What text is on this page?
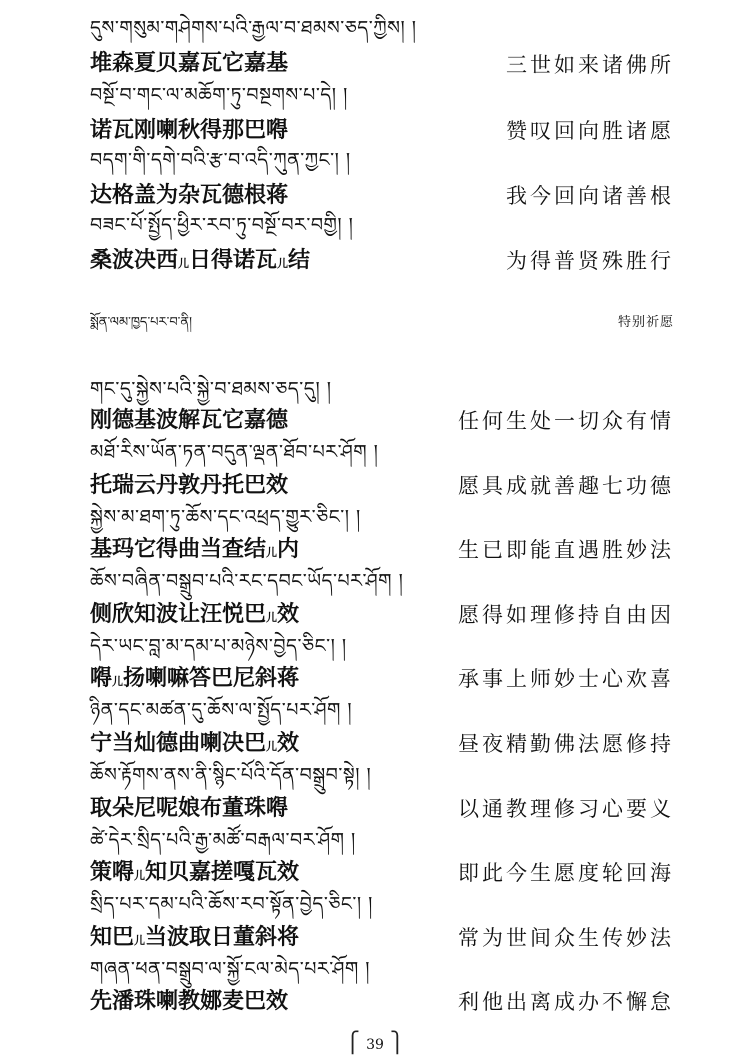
དུས་གསུམ་གཤེགས་པའི་རྒྱལ་བ་ཐམས་ཅད་ཀྱིས། །
堆森夏贝嘉瓦它嘉基	三世如来诸佛所
བསྔོ་བ་གང་ལ་མཆོག་ཏུ་བསྔགས་པ་དེ། །
诺瓦刚喇秋得那巴嘚	赞叹回向胜诸愿
བདག་གི་དགེ་བའི་རྩ་བ་འདི་ཀུན་ཀྱང་། །
达格盖为杂瓦德根蒋	我今回向诸善根
བཟང་པོ་སྤྱོད་ཕྱིར་རབ་ཏུ་བསྔོ་བར་བགྱི། །
桑波决西儿日得诺瓦儿结	为得普贤殊胜行
སྨོན་ལམ་ཁྱད་པར་བ་ནི།	特别祈愿
གང་དུ་སྐྱེས་པའི་སྐྱེ་བ་ཐམས་ཅད་དུ། །
刚德基波解瓦它嘉德	任何生处一切众有情
མཐོ་རིས་ཡོན་ཏན་བདུན་ལྡན་ཐོབ་པར་ཤོག །
托瑞云丹敦丹托巴效	愿具成就善趣七功德
སྐྱེས་མ་ཐག་ཏུ་ཆོས་དང་འཕྲད་གྱུར་ཅིང་། །
基玛它得曲当查结儿内	生已即能直遇胜妙法
ཆོས་བཞིན་བསྒྲུབ་པའི་རང་དབང་ཡོད་པར་ཤོག །
侧欣知波让汪悦巴儿效	愿得如理修持自由因
དེར་ཡང་བླ་མ་དམ་པ་མཉེས་བྱེད་ཅིང་། །
嘚儿扬喇嘛答巴尼斜蒋	承事上师妙士心欢喜
ཉིན་དང་མཚན་དུ་ཆོས་ལ་སྤྱོད་པར་ཤོག །
宁当灿德曲喇决巴儿效	昼夜精勤佛法愿修持
ཆོས་རྟོགས་ནས་ནི་སྙིང་པོའི་དོན་བསྒྲུབ་སྟེ། །
取朵尼呢娘布董珠嘚	以通教理修习心要义
ཚེ་དེར་སྲིད་པའི་རྒྱ་མཚོ་བརྒལ་བར་ཤོག །
策嘚儿知贝嘉搓嘎瓦效	即此今生愿度轮回海
སྲིད་པར་དམ་པའི་ཆོས་རབ་སྟོན་བྱེད་ཅིང་། །
知巴儿当波取日董斜将	常为世间众生传妙法
གཞན་ཕན་བསྒྲུབ་ལ་སྐྱོ་ངལ་མེད་པར་ཤོག །
先潘珠喇教娜麦巴效	利他出离成办不懈怠
⎧ 39 ⎫
